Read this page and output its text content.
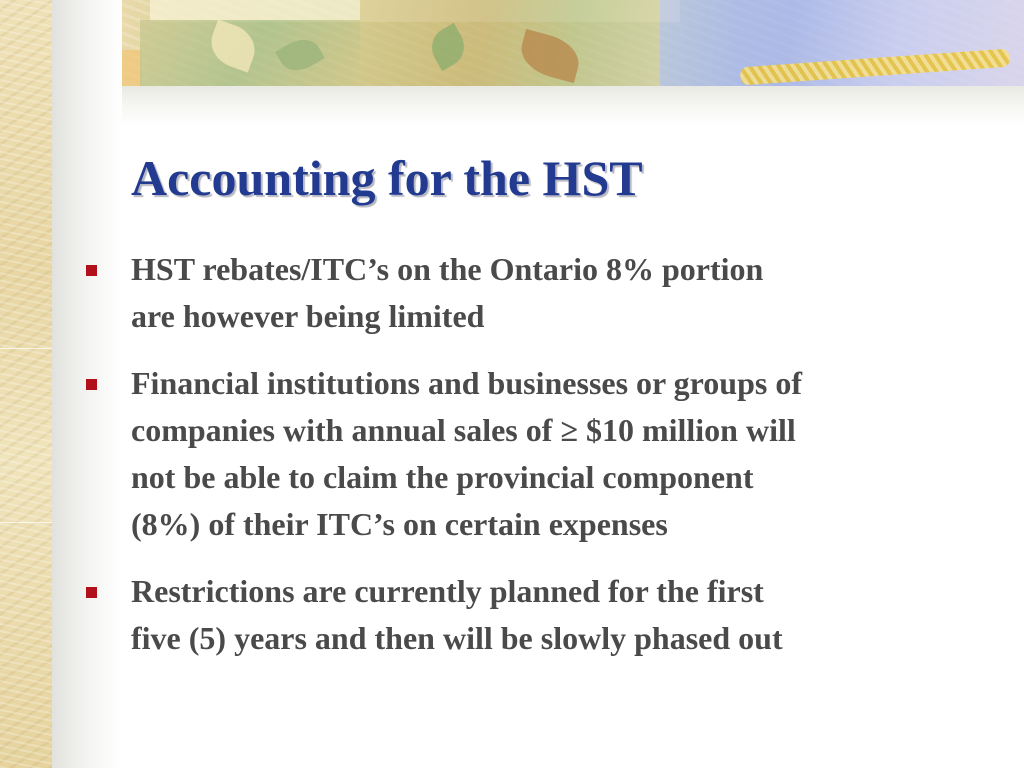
Accounting for the HST
HST rebates/ITC’s on the Ontario 8% portion
are however being limited
Financial institutions and businesses or groups of
companies with annual sales of ≥ $10 million will
not be able to claim the provincial component
(8%) of their ITC’s on certain expenses
Restrictions are currently planned for the first
five (5) years and then will be slowly phased out
